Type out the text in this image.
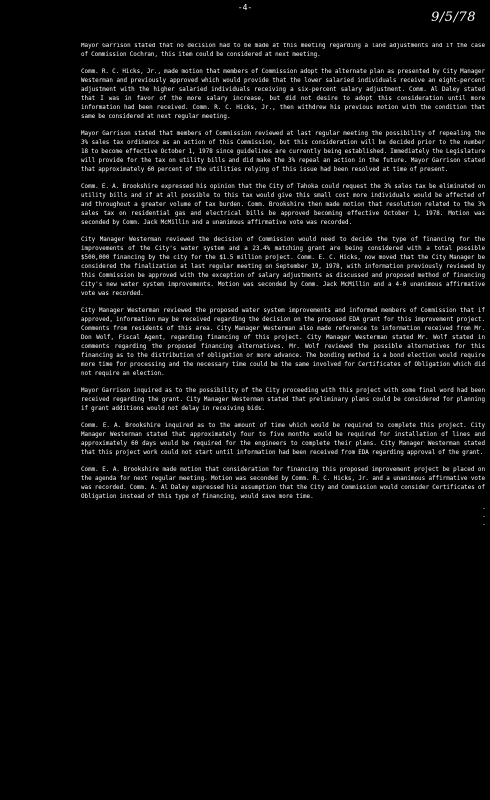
-4-
9/5/78

Mayor Garrison stated that no decision had to be made at this meeting regarding a land adjustments and if the case of Commission Cochran, this item could be considered at next meeting.

Comm. R. C. Hicks, Jr., made motion that members of Commission adopt the alternate plan as presented by City Manager Westerman and previously approved which would provide that the lower salaried individuals receive an eight-percent adjustment with the higher salaried individuals receiving a six-percent salary adjustment. Comm. Al Daley stated that I was in favor of the more salary increase, but did not desire to adopt this consideration until more information had been received. Comm. R. C. Hicks, Jr., then withdrew his previous motion with the condition that same be considered at next regular meeting.

Mayor Garrison stated that members of Commission reviewed at last regular meeting the possibility of repealing the 3% sales tax ordinance as an action of this Commission, but this consideration will be decided prior to the number 18 to become effective October 1, 1978 since guidelines are currently being established. Immediately the Legislature will provide for the tax on utility bills and did make the 3% repeal an action in the future. Mayor Garrison stated that approximately 60 percent of the utilities relying of this issue had been resolved at time of present.

Comm. E. A. Brookshire expressed his opinion that the City of Tahoka could request the 3% sales tax be eliminated on utility bills and if at all possible to this tax would give this small cost more individuals would be affected of and throughout a greater volume of tax burden. Comm. Brookshire then made motion that resolution related to the 3% sales tax on residential gas and electrical bills be approved becoming effective October 1, 1978. Motion was seconded by Comm. Jack McMillin and a unanimous affirmative vote was recorded.

City Manager Westerman reviewed the decision of Commission would need to decide the type of financing for the improvements of the City's water system and a 23.4% matching grant are being considered with a total possible $500,000 financing by the city for the $1.5 million project. Comm. E. C. Hicks, now moved that the City Manager be considered the finalization at last regular meeting on September 19, 1978, with information previously reviewed by this Commission be approved with the exception of salary adjustments as discussed and proposed method of financing City's new water system improvements. Motion was seconded by Comm. Jack McMillin and a 4-0 unanimous affirmative vote was recorded.

City Manager Westerman reviewed the proposed water system improvements and informed members of Commission that if approved, information may be received regarding the decision on the proposed EDA grant for this improvement project. Comments from residents of this area. City Manager Westerman also made reference to information received from Mr. Don Wolf, Fiscal Agent, regarding financing of this project. City Manager Westerman stated Mr. Wolf stated in comments regarding the proposed financing alternatives. Mr. Wolf reviewed the possible alternatives for this financing as to the distribution of obligation or more advance. The bonding method is a bond election would require more time for processing and the necessary time could be the same involved for Certificates of Obligation which did not require an election.

Mayor Garrison inquired as to the possibility of the City proceeding with this project with some final word had been received regarding the grant. City Manager Westerman stated that preliminary plans could be considered for planning if grant additions would not delay in receiving bids.

Comm. E. A. Brookshire inquired as to the amount of time which would be required to complete this project. City Manager Westerman stated that approximately four to five months would be required for installation of lines and approximately 60 days would be required for the engineers to complete their plans. City Manager Westerman stated that this project work could not start until information had been received from EDA regarding approval of the grant.

Comm. E. A. Brookshire made motion that consideration for financing this proposed improvement project be placed on the agenda for next regular meeting. Motion was seconded by Comm. R. C. Hicks, Jr. and a unanimous affirmative vote was recorded. Comm. A. Al Daley expressed his assumption that the City and Commission would consider Certificates of Obligation instead of this type of financing, would save more time.

---
